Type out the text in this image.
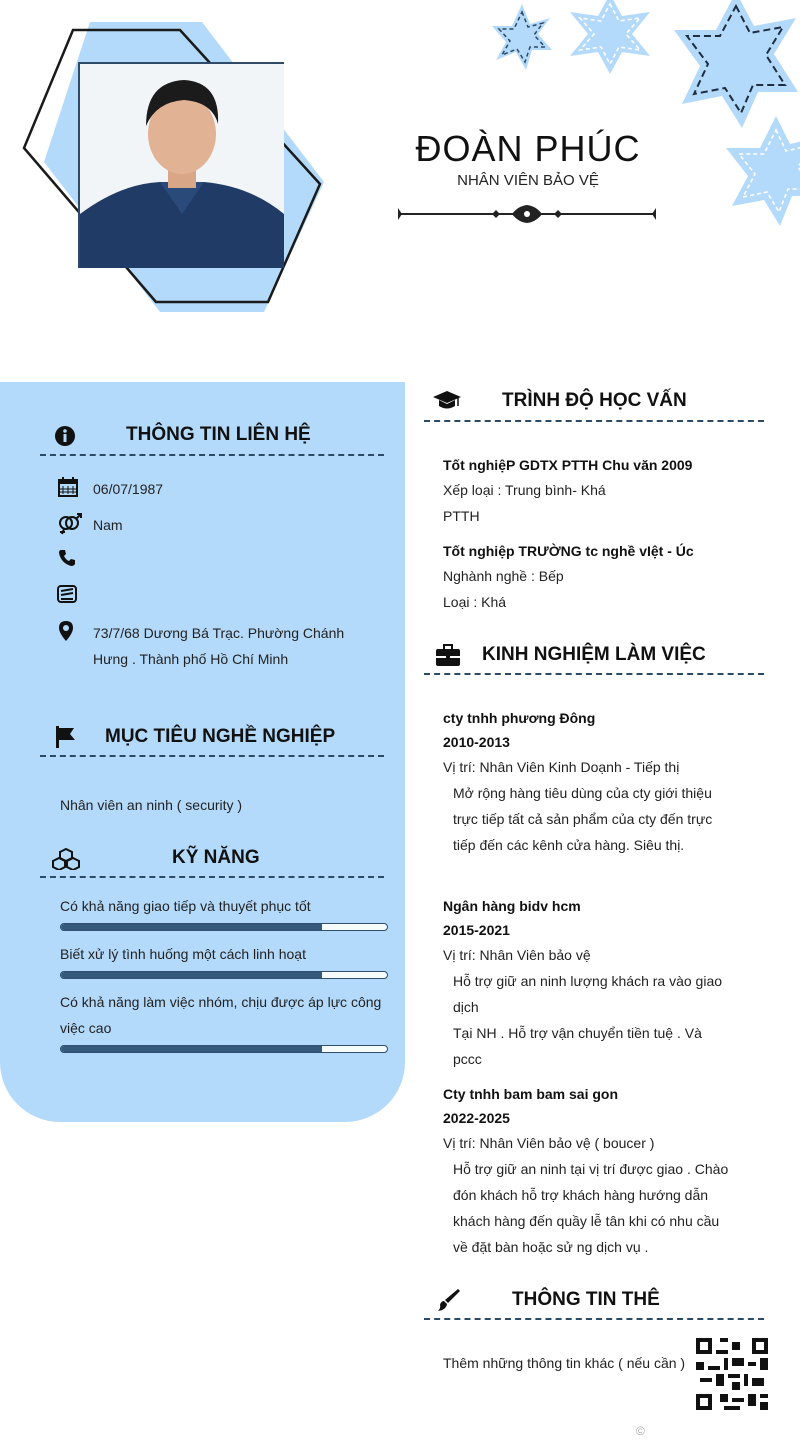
ĐOÀN PHÚC
NHÂN VIÊN BẢO VỆ
THÔNG TIN LIÊN HỆ
06/07/1987
Nam
73/7/68 Dương Bá Trạc. Phường Chánh
Hưng . Thành phố Hồ Chí Minh
MỤC TIÊU NGHỀ NGHIỆP
Nhân viên an ninh ( security )
KỸ NĂNG
Có khả năng giao tiếp và thuyết phục tốt
Biết xử lý tình huống một cách linh hoạt
Có khả năng làm việc nhóm, chịu được áp lực công
việc cao
TRÌNH ĐỘ HỌC VẤN
Tốt nghiệP GDTX PTTH Chu văn 2009
Xếp loại : Trung bình- Khá
PTTH
Tốt nghiệp TRƯỜNG tc nghề vIệt - Úc
Nghành nghề : Bếp
Loại : Khá
KINH NGHIỆM LÀM VIỆC
cty tnhh phương Đông
2010-2013
Vị trí: Nhân Viên Kinh Doạnh - Tiếp thị
Mở rộng hàng tiêu dùng của cty giới thiệu
trực tiếp tất cả sản phẩm của cty đến trực
tiếp đến các kênh cửa hàng. Siêu thị.
Ngân hàng bidv hcm
2015-2021
Vị trí: Nhân Viên bảo vệ
Hỗ trợ giữ an ninh lượng khách ra vào giao
dịch
Tại NH . Hỗ trợ vận chuyển tiền tuệ . Và
pccc
Cty tnhh bam bam sai gon
2022-2025
Vị trí: Nhân Viên bảo vệ ( boucer )
Hỗ trợ giữ an ninh tại vị trí được giao . Chào
đón khách hỗ trợ khách hàng hướng dẫn
khách hàng đến quầy lễ tân khi có nhu cầu
về đặt bàn hoặc sử ng dịch vụ .
THÔNG TIN THÊ
Thêm những thông tin khác ( nếu cần )
©
